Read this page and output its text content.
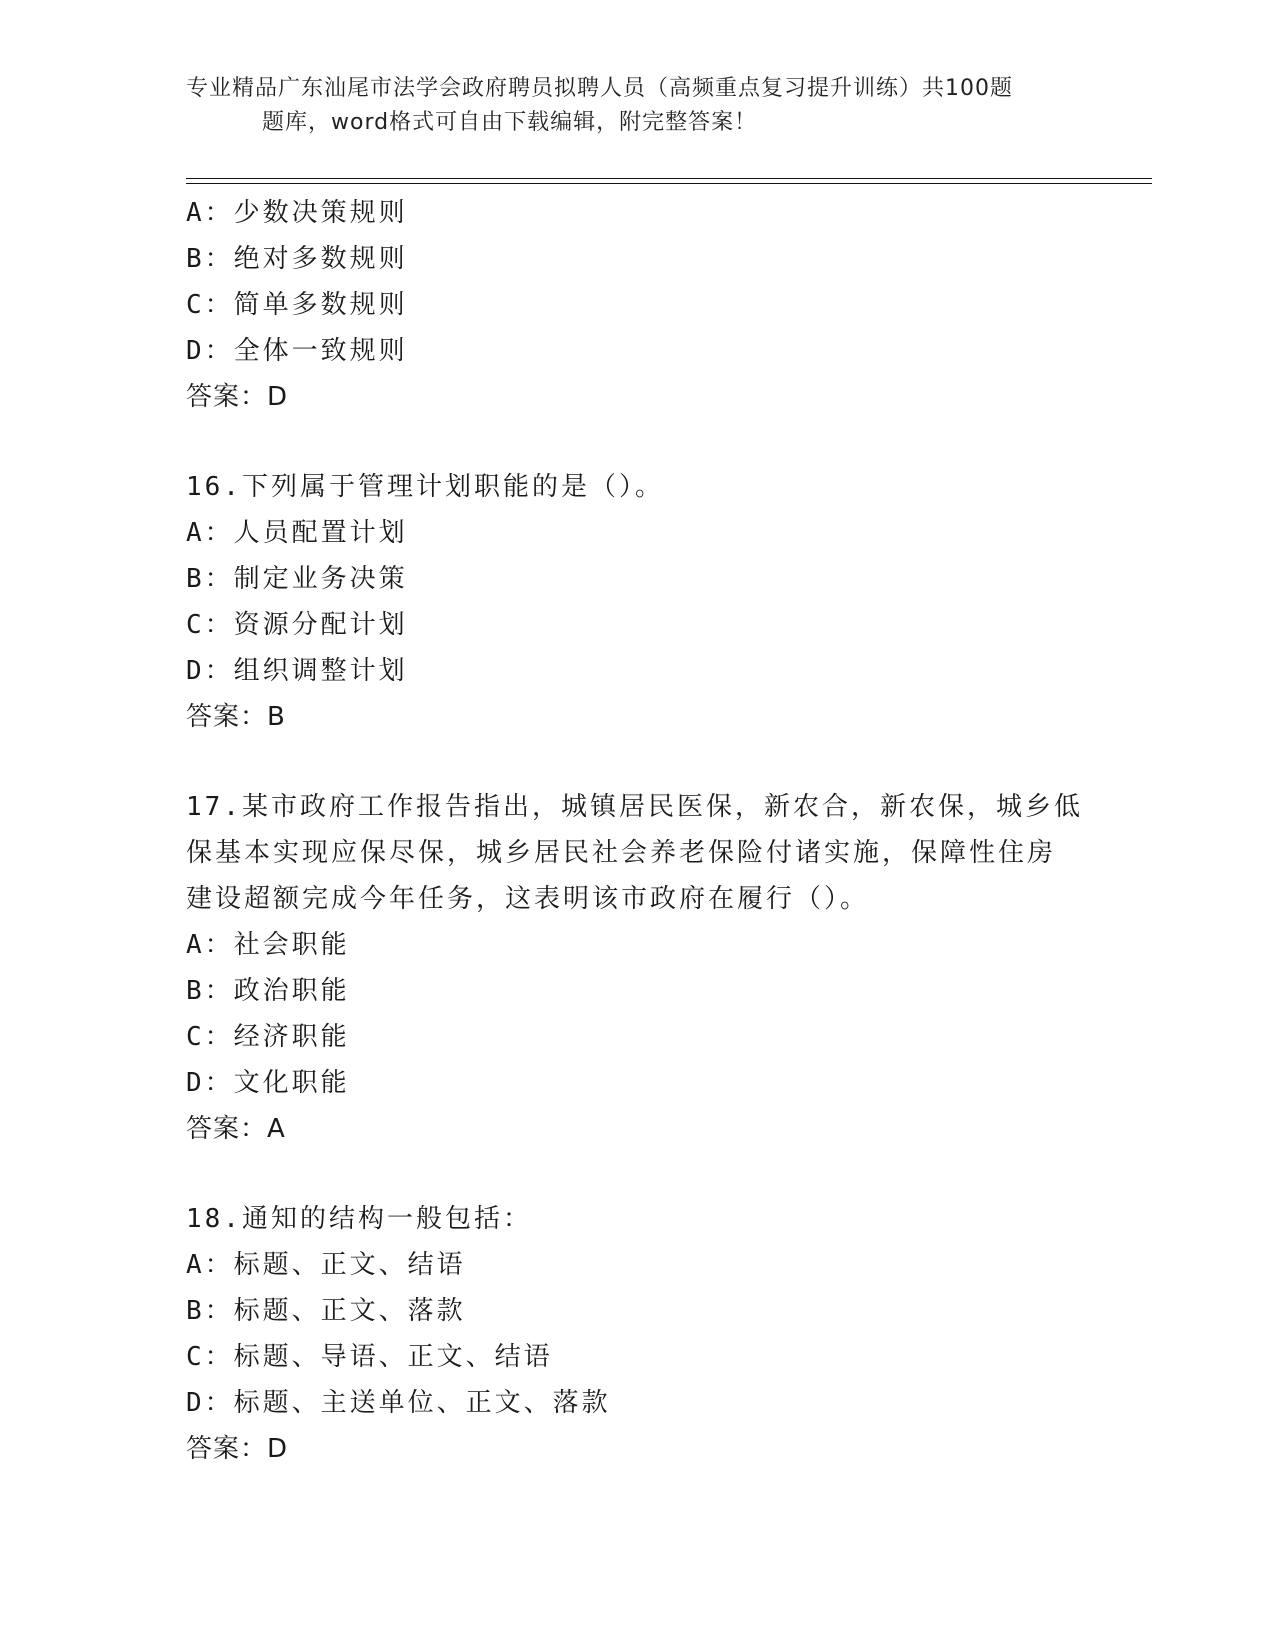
专业精品广东汕尾市法学会政府聘员拟聘人员（高频重点复习提升训练）共100题
题库，word格式可自由下载编辑，附完整答案！
A：少数决策规则
B：绝对多数规则
C：简单多数规则
D：全体一致规则
答案：D
16.下列属于管理计划职能的是（）。
A：人员配置计划
B：制定业务决策
C：资源分配计划
D：组织调整计划
答案：B
17.某市政府工作报告指出，城镇居民医保，新农合，新农保，城乡低
保基本实现应保尽保，城乡居民社会养老保险付诸实施，保障性住房
建设超额完成今年任务，这表明该市政府在履行（）。
A：社会职能
B：政治职能
C：经济职能
D：文化职能
答案：A
18.通知的结构一般包括：
A：标题、正文、结语
B：标题、正文、落款
C：标题、导语、正文、结语
D：标题、主送单位、正文、落款
答案：D
